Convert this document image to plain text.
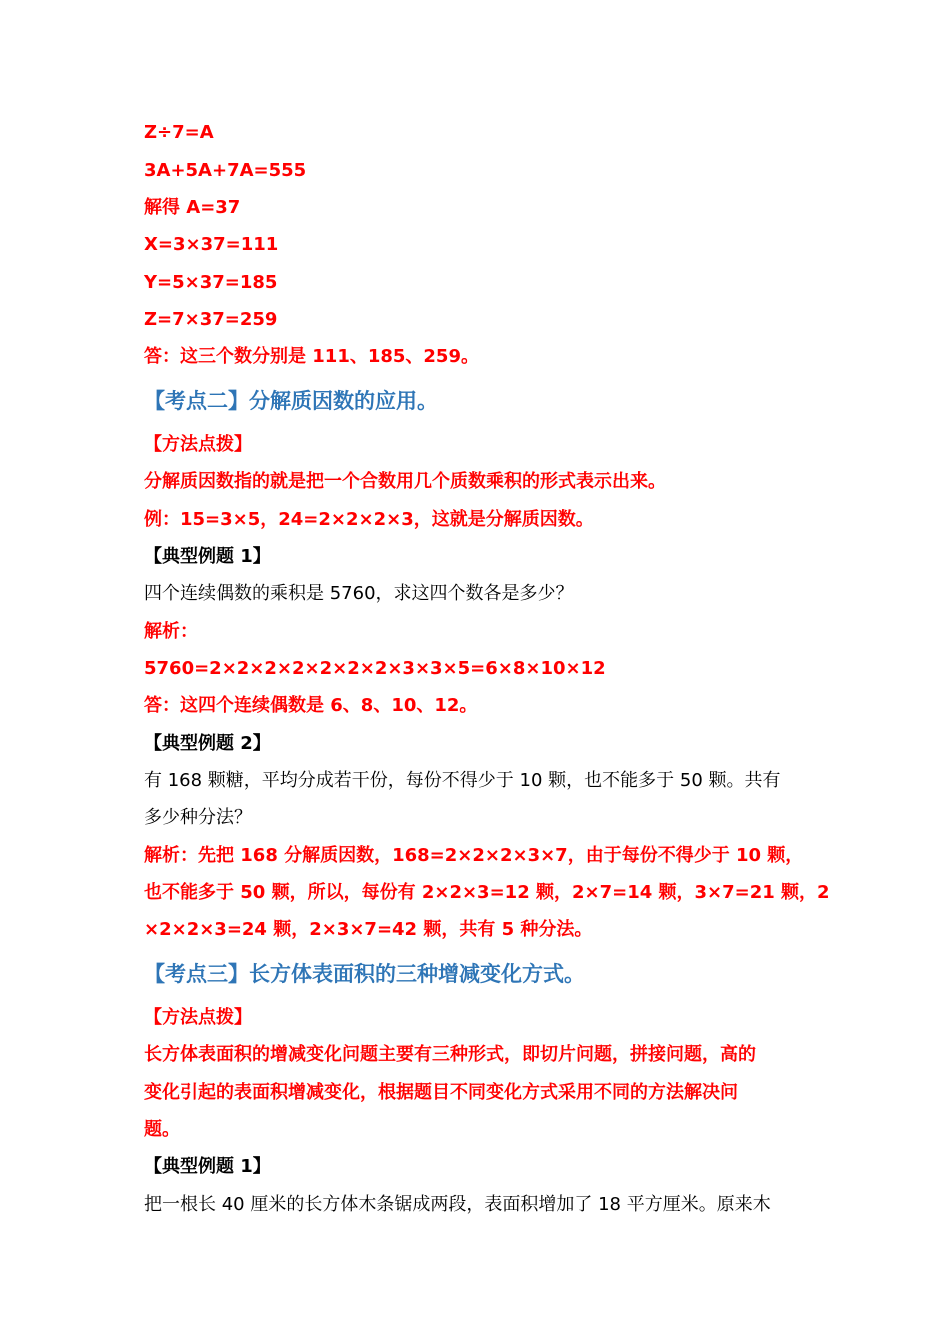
Z÷7=A
3A+5A+7A=555
解得 A=37
X=3×37=111
Y=5×37=185
Z=7×37=259
答：这三个数分别是 111、185、259。
【考点二】分解质因数的应用。
【方法点拨】
分解质因数指的就是把一个合数用几个质数乘积的形式表示出来。
例：15=3×5，24=2×2×2×3，这就是分解质因数。
【典型例题 1】
四个连续偶数的乘积是 5760，求这四个数各是多少？
解析：
5760=2×2×2×2×2×2×2×3×3×5=6×8×10×12
答：这四个连续偶数是 6、8、10、12。
【典型例题 2】
有 168 颗糖，平均分成若干份，每份不得少于 10 颗，也不能多于 50 颗。共有
多少种分法？
解析：先把 168 分解质因数，168=2×2×2×3×7，由于每份不得少于 10 颗，
也不能多于 50 颗，所以，每份有 2×2×3=12 颗，2×7=14 颗，3×7=21 颗，2
×2×2×3=24 颗，2×3×7=42 颗，共有 5 种分法。
【考点三】长方体表面积的三种增减变化方式。
【方法点拨】
长方体表面积的增减变化问题主要有三种形式，即切片问题，拼接问题，高的
变化引起的表面积增减变化，根据题目不同变化方式采用不同的方法解决问
题。
【典型例题 1】
把一根长 40 厘米的长方体木条锯成两段，表面积增加了 18 平方厘米。原来木
